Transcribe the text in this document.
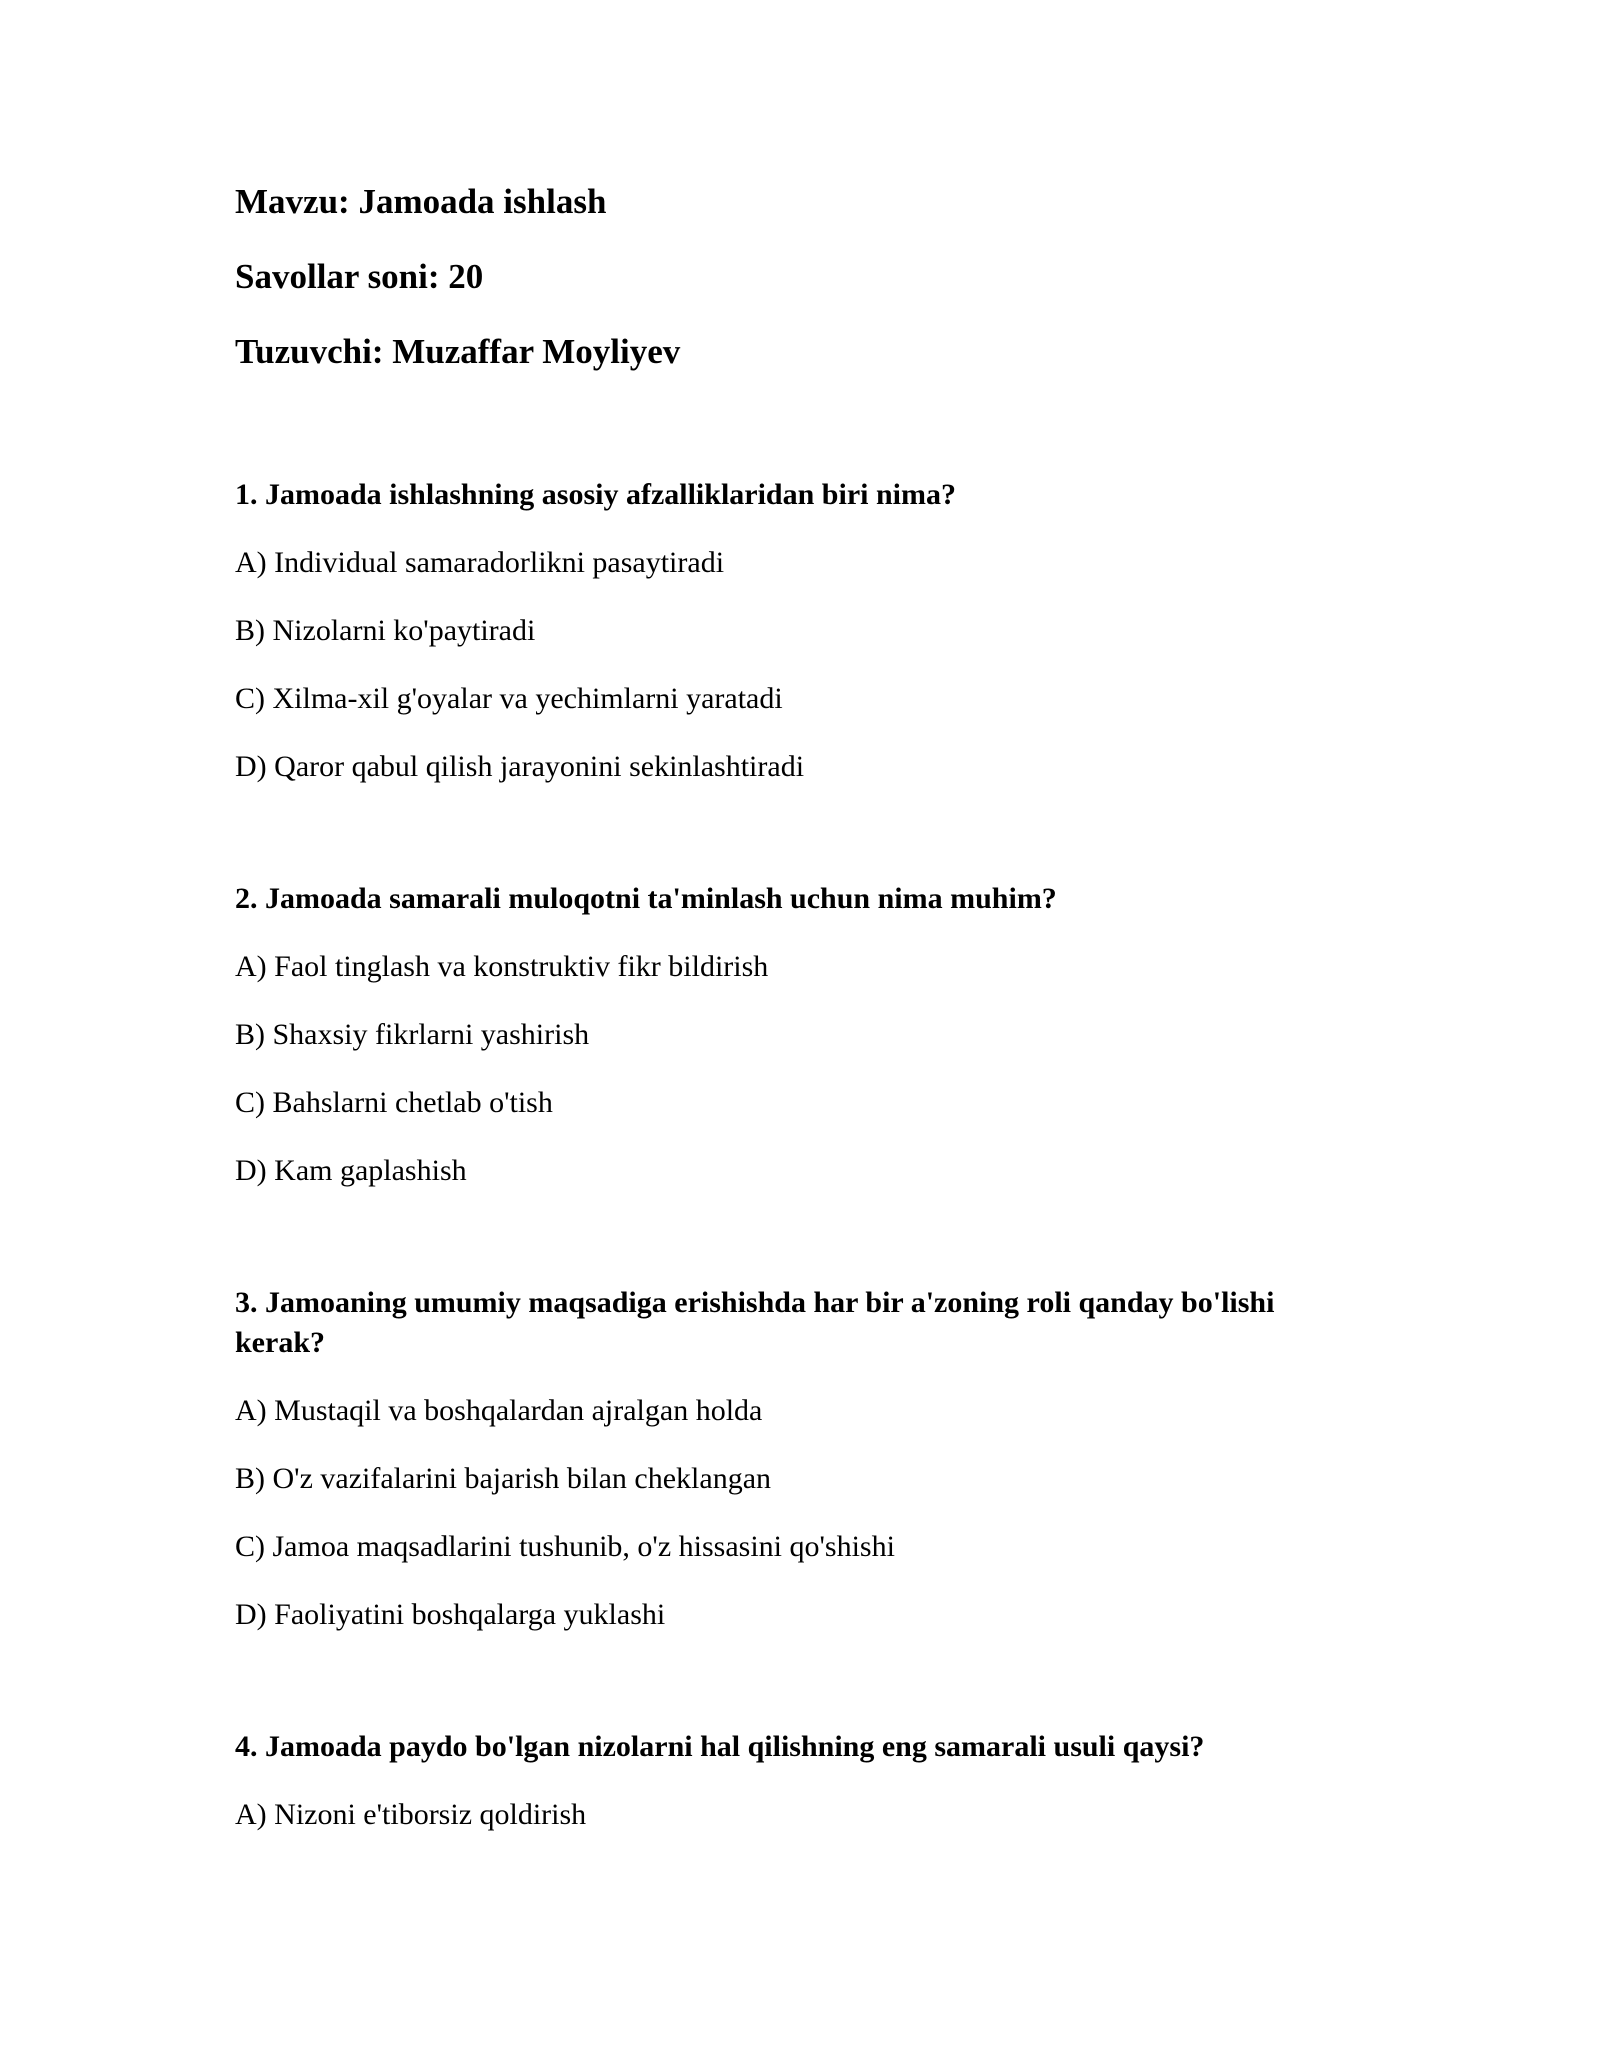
Mavzu: Jamoada ishlash
Savollar soni: 20
Tuzuvchi: Muzaffar Moyliyev
1. Jamoada ishlashning asosiy afzalliklaridan biri nima?
A) Individual samaradorlikni pasaytiradi
B) Nizolarni ko'paytiradi
C) Xilma-xil g'oyalar va yechimlarni yaratadi
D) Qaror qabul qilish jarayonini sekinlashtiradi
2. Jamoada samarali muloqotni ta'minlash uchun nima muhim?
A) Faol tinglash va konstruktiv fikr bildirish
B) Shaxsiy fikrlarni yashirish
C) Bahslarni chetlab o'tish
D) Kam gaplashish
3. Jamoaning umumiy maqsadiga erishishda har bir a'zoning roli qanday bo'lishi kerak?
A) Mustaqil va boshqalardan ajralgan holda
B) O'z vazifalarini bajarish bilan cheklangan
C) Jamoa maqsadlarini tushunib, o'z hissasini qo'shishi
D) Faoliyatini boshqalarga yuklashi
4. Jamoada paydo bo'lgan nizolarni hal qilishning eng samarali usuli qaysi?
A) Nizoni e'tiborsiz qoldirish
